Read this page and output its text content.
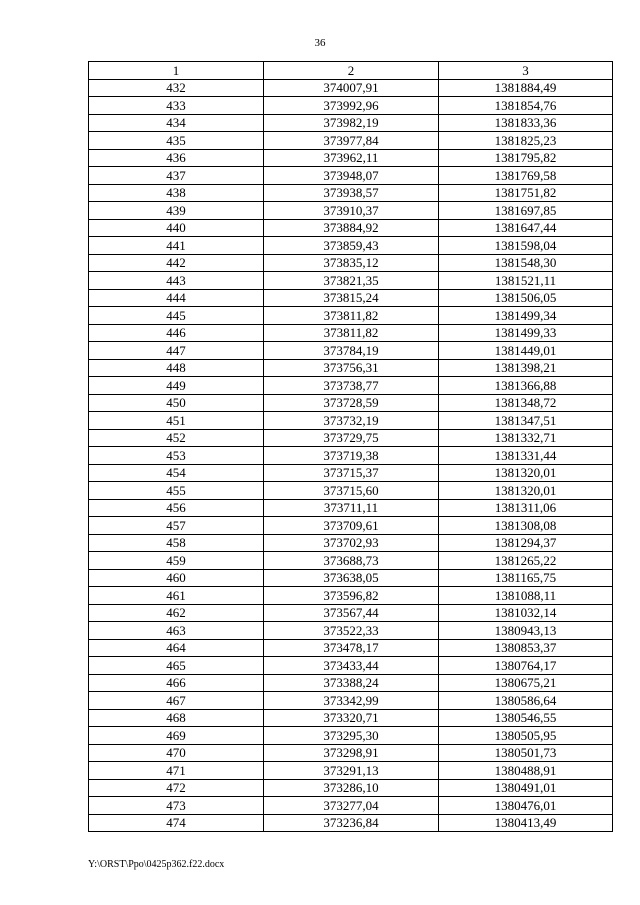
36
1	2	3
432	374007,91	1381884,49
433	373992,96	1381854,76
434	373982,19	1381833,36
435	373977,84	1381825,23
436	373962,11	1381795,82
437	373948,07	1381769,58
438	373938,57	1381751,82
439	373910,37	1381697,85
440	373884,92	1381647,44
441	373859,43	1381598,04
442	373835,12	1381548,30
443	373821,35	1381521,11
444	373815,24	1381506,05
445	373811,82	1381499,34
446	373811,82	1381499,33
447	373784,19	1381449,01
448	373756,31	1381398,21
449	373738,77	1381366,88
450	373728,59	1381348,72
451	373732,19	1381347,51
452	373729,75	1381332,71
453	373719,38	1381331,44
454	373715,37	1381320,01
455	373715,60	1381320,01
456	373711,11	1381311,06
457	373709,61	1381308,08
458	373702,93	1381294,37
459	373688,73	1381265,22
460	373638,05	1381165,75
461	373596,82	1381088,11
462	373567,44	1381032,14
463	373522,33	1380943,13
464	373478,17	1380853,37
465	373433,44	1380764,17
466	373388,24	1380675,21
467	373342,99	1380586,64
468	373320,71	1380546,55
469	373295,30	1380505,95
470	373298,91	1380501,73
471	373291,13	1380488,91
472	373286,10	1380491,01
473	373277,04	1380476,01
474	373236,84	1380413,49
Y:\ORST\Ppo\0425p362.f22.docx
